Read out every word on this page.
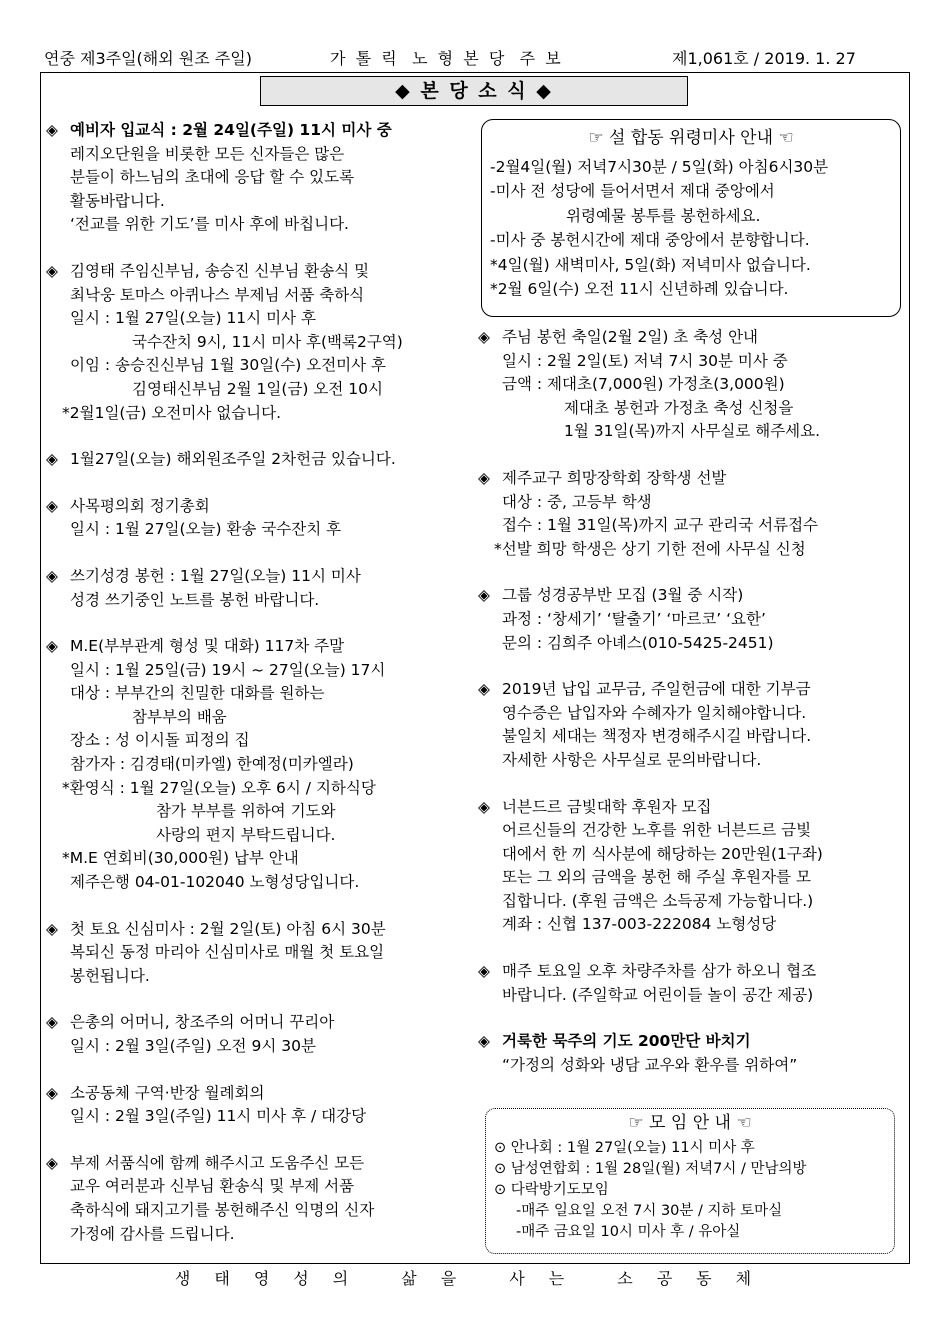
연중 제3주일(해외 원조 주일)	가  톨  릭   노  형  본  당   주  보	제1,061호 / 2019. 1. 27
◆ 본 당 소 식 ◆
◈ 예비자 입교식 : 2월 24일(주일) 11시 미사 중
레지오단원을 비롯한 모든 신자들은 많은
분들이 하느님의 초대에 응답 할 수 있도록
활동바랍니다.
‘전교를 위한 기도’를 미사 후에 바칩니다.
◈ 김영태 주임신부님, 송승진 신부님 환송식 및
최낙웅 토마스 아퀴나스 부제님 서품 축하식
일시 : 1월 27일(오늘) 11시 미사 후
국수잔치 9시, 11시 미사 후(백록2구역)
이임 : 송승진신부님 1월 30일(수) 오전미사 후
김영태신부님 2월 1일(금) 오전 10시
*2월1일(금) 오전미사 없습니다.
◈ 1월27일(오늘) 해외원조주일 2차헌금 있습니다.
◈ 사목평의회 정기총회
일시 : 1월 27일(오늘) 환송 국수잔치 후
◈ 쓰기성경 봉헌 : 1월 27일(오늘) 11시 미사
성경 쓰기중인 노트를 봉헌 바랍니다.
◈ M.E(부부관계 형성 및 대화) 117차 주말
일시 : 1월 25일(금) 19시 ~ 27일(오늘) 17시
대상 : 부부간의 친밀한 대화를 원하는
참부부의 배움
장소 : 성 이시돌 피정의 집
참가자 : 김경태(미카엘) 한예정(미카엘라)
*환영식 : 1월 27일(오늘) 오후 6시 / 지하식당
참가 부부를 위하여 기도와
사랑의 편지 부탁드립니다.
*M.E 연회비(30,000원) 납부 안내
제주은행 04-01-102040 노형성당입니다.
◈ 첫 토요 신심미사 : 2월 2일(토) 아침 6시 30분
복되신 동정 마리아 신심미사로 매월 첫 토요일
봉헌됩니다.
◈ 은총의 어머니, 창조주의 어머니 꾸리아
일시 : 2월 3일(주일) 오전 9시 30분
◈ 소공동체 구역·반장 월례회의
일시 : 2월 3일(주일) 11시 미사 후 / 대강당
◈ 부제 서품식에 함께 해주시고 도움주신 모든
교우 여러분과 신부님 환송식 및 부제 서품
축하식에 돼지고기를 봉헌해주신 익명의 신자
가정에 감사를 드립니다.
☞ 설 합동 위령미사 안내 ☜
-2월4일(월) 저녁7시30분 / 5일(화) 아침6시30분
-미사 전 성당에 들어서면서 제대 중앙에서
위령예물 봉투를 봉헌하세요.
-미사 중 봉헌시간에 제대 중앙에서 분향합니다.
*4일(월) 새벽미사, 5일(화) 저녁미사 없습니다.
*2월 6일(수) 오전 11시 신년하례 있습니다.
◈ 주님 봉헌 축일(2월 2일) 초 축성 안내
일시 : 2월 2일(토) 저녁 7시 30분 미사 중
금액 : 제대초(7,000원) 가정초(3,000원)
제대초 봉헌과 가정초 축성 신청을
1월 31일(목)까지 사무실로 해주세요.
◈ 제주교구 희망장학회 장학생 선발
대상 : 중, 고등부 학생
접수 : 1월 31일(목)까지 교구 관리국 서류접수
*선발 희망 학생은 상기 기한 전에 사무실 신청
◈ 그룹 성경공부반 모집 (3월 중 시작)
과정 : ‘창세기’ ‘탈출기’ ‘마르코’ ‘요한’
문의 : 김희주 아녜스(010-5425-2451)
◈ 2019년 납입 교무금, 주일헌금에 대한 기부금
영수증은 납입자와 수혜자가 일치해야합니다.
불일치 세대는 책정자 변경해주시길 바랍니다.
자세한 사항은 사무실로 문의바랍니다.
◈ 너븐드르 금빛대학 후원자 모집
어르신들의 건강한 노후를 위한 너븐드르 금빛
대에서 한 끼 식사분에 해당하는 20만원(1구좌)
또는 그 외의 금액을 봉헌 해 주실 후원자를 모
집합니다. (후원 금액은 소득공제 가능합니다.)
계좌 : 신협 137-003-222084 노형성당
◈ 매주 토요일 오후 차량주차를 삼가 하오니 협조
바랍니다. (주일학교 어린이들 놀이 공간 제공)
◈ 거룩한 묵주의 기도 200만단 바치기
“가정의 성화와 냉담 교우와 환우를 위하여”
☞ 모 임 안 내 ☜
⊙ 안나회 : 1월 27일(오늘) 11시 미사 후
⊙ 남성연합회 : 1월 28일(월) 저녁7시 / 만남의방
⊙ 다락방기도모임
-매주 일요일 오전 7시 30분 / 지하 토마실
-매주 금요일 10시 미사 후 / 유아실
생태영성의 삶을 사는 소공동체
